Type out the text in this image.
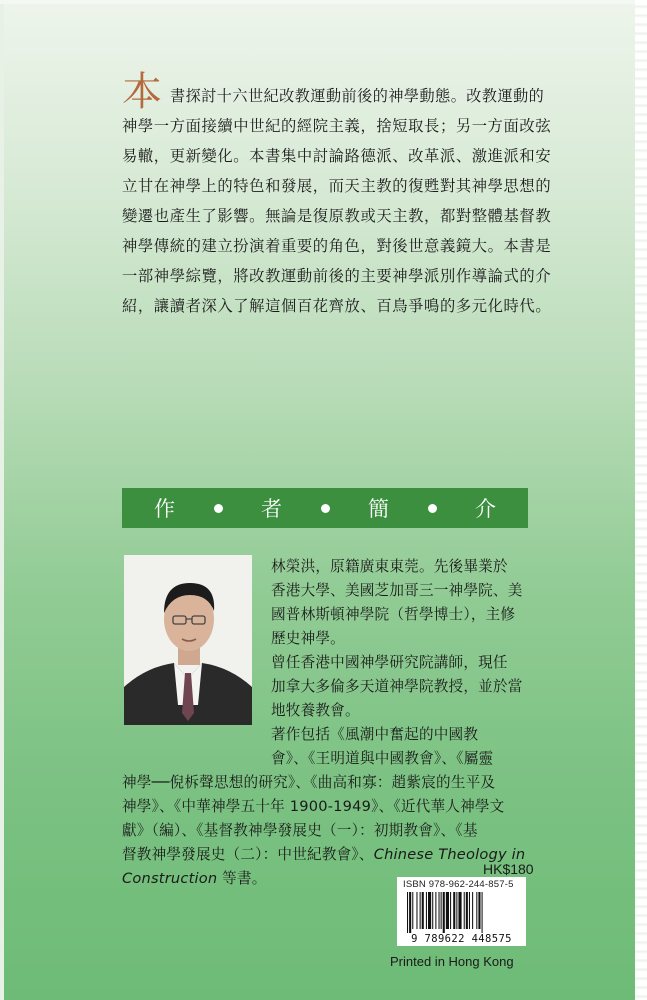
本 書探討十六世紀改教運動前後的神學動態。改教運動的
神學一方面接續中世紀的經院主義，捨短取長；另一方面改弦
易轍，更新變化。本書集中討論路德派、改革派、激進派和安
立甘在神學上的特色和發展，而天主教的復甦對其神學思想的
變遷也產生了影響。無論是復原教或天主教，都對整體基督教
神學傳統的建立扮演着重要的角色，對後世意義鏡大。本書是
一部神學綜覽，將改教運動前後的主要神學派別作導論式的介
紹，讓讀者深入了解這個百花齊放、百鳥爭鳴的多元化時代。
作	者	簡	介
林榮洪，原籍廣東東莞。先後畢業於
香港大學、美國芝加哥三一神學院、美
國普林斯頓神學院（哲學博士），主修
歷史神學。
曾任香港中國神學研究院講師，現任
加拿大多倫多天道神學院教授，並於當
地牧養教會。
著作包括《風潮中奮起的中國教
會》、《王明道與中國教會》、《屬靈
神學──倪柝聲思想的研究》、《曲高和寡：趙紫宸的生平及
神學》、《中華神學五十年 1900-1949》、《近代華人神學文
獻》（編）、《基督教神學發展史（一）：初期教會》、《基
督教神學發展史（二）：中世紀教會》、Chinese Theology in
Construction 等書。
HK$180
ISBN 978-962-244-857-5
9 789622 448575
Printed in Hong Kong
